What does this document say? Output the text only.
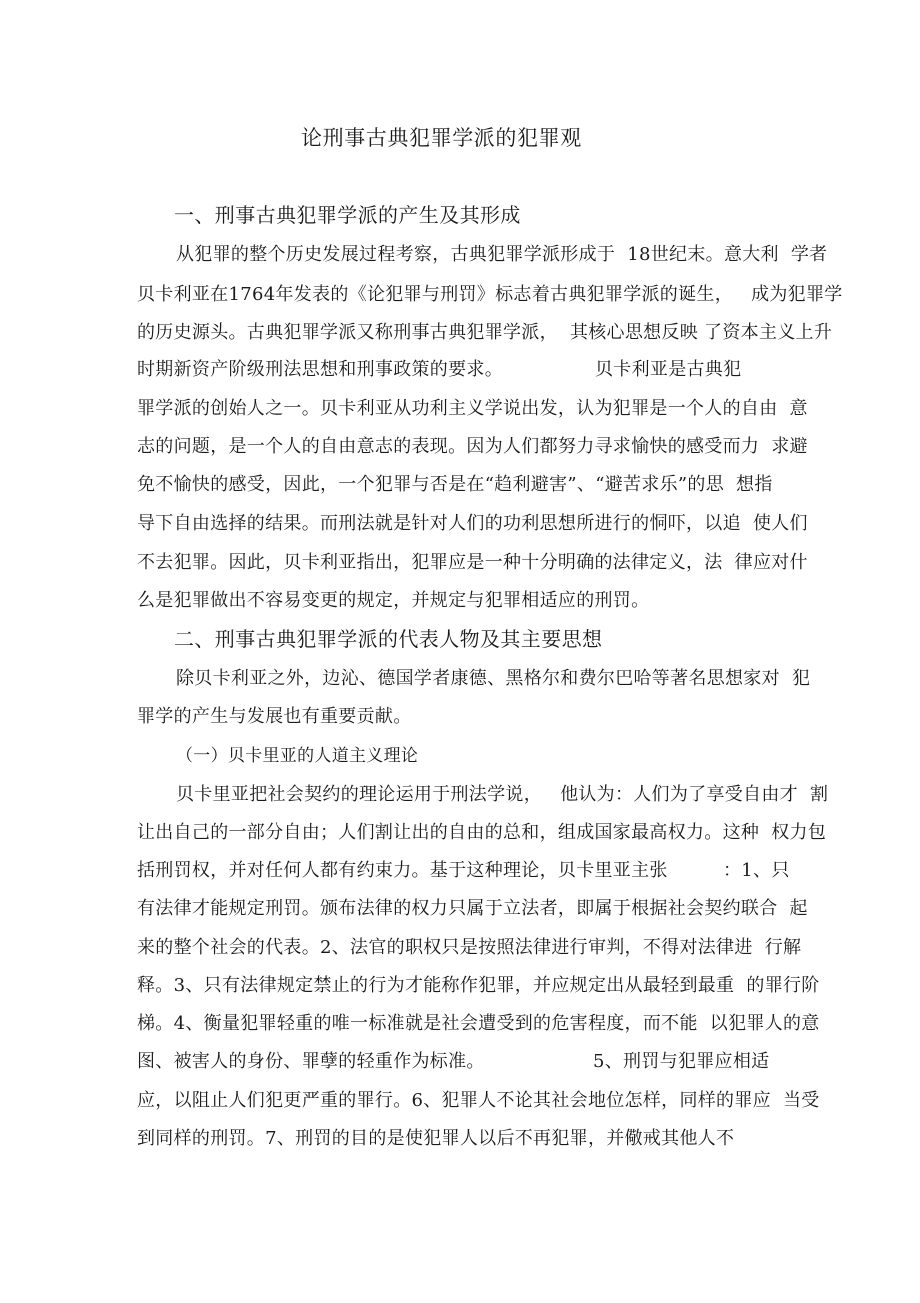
论刑事古典犯罪学派的犯罪观
一、刑事古典犯罪学派的产生及其形成
从犯罪的整个历史发展过程考察，古典犯罪学派形成于  18世纪末。意大利  学者
贝卡利亚在1764年发表的《论犯罪与刑罚》标志着古典犯罪学派的诞生，   成为犯罪学
的历史源头。古典犯罪学派又称刑事古典犯罪学派，  其核心思想反映 了资本主义上升
时期新资产阶级刑法思想和刑事政策的要求。	贝卡利亚是古典犯
罪学派的创始人之一。贝卡利亚从功利主义学说出发，认为犯罪是一个人的自由  意
志的问题，是一个人的自由意志的表现。因为人们都努力寻求愉快的感受而力  求避
免不愉快的感受，因此，一个犯罪与否是在“趋利避害”、“避苦求乐”的思  想指
导下自由选择的结果。而刑法就是针对人们的功利思想所进行的恫吓，以追  使人们
不去犯罪。因此，贝卡利亚指出，犯罪应是一种十分明确的法律定义，法  律应对什
么是犯罪做出不容易变更的规定，并规定与犯罪相适应的刑罚。
二、刑事古典犯罪学派的代表人物及其主要思想
除贝卡利亚之外，边沁、德国学者康德、黑格尔和费尔巴哈等著名思想家对  犯
罪学的产生与发展也有重要贡献。
（一）贝卡里亚的人道主义理论
贝卡里亚把社会契约的理论运用于刑法学说，   他认为：人们为了享受自由才  割
让出自己的一部分自由；人们割让出的自由的总和，组成国家最高权力。这种  权力包
括刑罚权，并对任何人都有约束力。基于这种理论，贝卡里亚主张	：1、只
有法律才能规定刑罚。颁布法律的权力只属于立法者，即属于根据社会契约联合  起
来的整个社会的代表。2、法官的职权只是按照法律进行审判，不得对法律进  行解
释。3、只有法律规定禁止的行为才能称作犯罪，并应规定出从最轻到最重  的罪行阶
梯。4、衡量犯罪轻重的唯一标准就是社会遭受到的危害程度，而不能  以犯罪人的意
图、被害人的身份、罪孽的轻重作为标准。	5、刑罚与犯罪应相适
应，以阻止人们犯更严重的罪行。6、犯罪人不论其社会地位怎样，同样的罪应  当受
到同样的刑罚。7、刑罚的目的是使犯罪人以后不再犯罪，并儆戒其他人不
